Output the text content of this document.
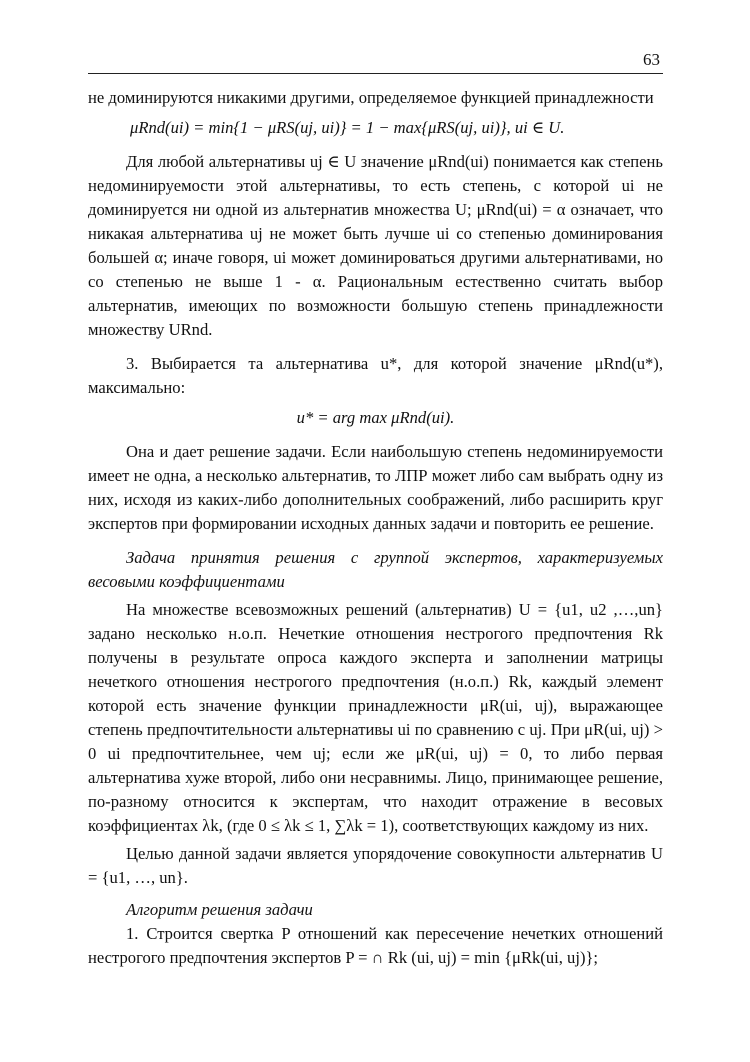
63

не доминируются никакими другими, определяемое функцией принадлежности

μRnd(ui) = min{1 − μRS(uj, ui)} = 1 − max{μRS(uj, ui)}, ui ∈ U.

Для любой альтернативы uj ∈ U значение μRnd(ui) понимается как степень недоминируемости этой альтернативы, то есть степень, с которой ui не доминируется ни одной из альтернатив множества U; μRnd(ui) = α означает, что никакая альтернатива uj не может быть лучше ui со степенью доминирования большей α; иначе говоря, ui может доминироваться другими альтернативами, но со степенью не выше 1 - α. Рациональным естественно считать выбор альтернатив, имеющих по возможности большую степень принадлежности множеству URnd.

3. Выбирается та альтернатива u*, для которой значение μRnd(u*), максимально:

u* = arg max μRnd(ui).

Она и дает решение задачи. Если наибольшую степень недоминируемости имеет не одна, а несколько альтернатив, то ЛПР может либо сам выбрать одну из них, исходя из каких-либо дополнительных соображений, либо расширить круг экспертов при формировании исходных данных задачи и повторить ее решение.

Задача принятия решения с группой экспертов, характеризуемых весовыми коэффициентами

На множестве всевозможных решений (альтернатив) U = {u1, u2 ,…,un} задано несколько н.о.п. Нечеткие отношения нестрогого предпочтения Rk получены в результате опроса каждого эксперта и заполнении матрицы нечеткого отношения нестрогого предпочтения (н.о.п.) Rk, каждый элемент которой есть значение функции принадлежности μR(ui, uj), выражающее степень предпочтительности альтернативы ui по сравнению с uj. При μR(ui, uj) > 0 ui предпочтительнее, чем uj; если же μR(ui, uj) = 0, то либо первая альтернатива хуже второй, либо они несравнимы. Лицо, принимающее решение, по-разному относится к экспертам, что находит отражение в весовых коэффициентах λk, (где 0 ≤ λk ≤ 1, ∑λk = 1), соответствующих каждому из них.

Целью данной задачи является упорядочение совокупности альтернатив U = {u1, …, un}.

Алгоритм решения задачи

1. Строится свертка P отношений как пересечение нечетких отношений нестрогого предпочтения экспертов P = ∩ Rk (ui, uj) = min {μRk(ui, uj)};
